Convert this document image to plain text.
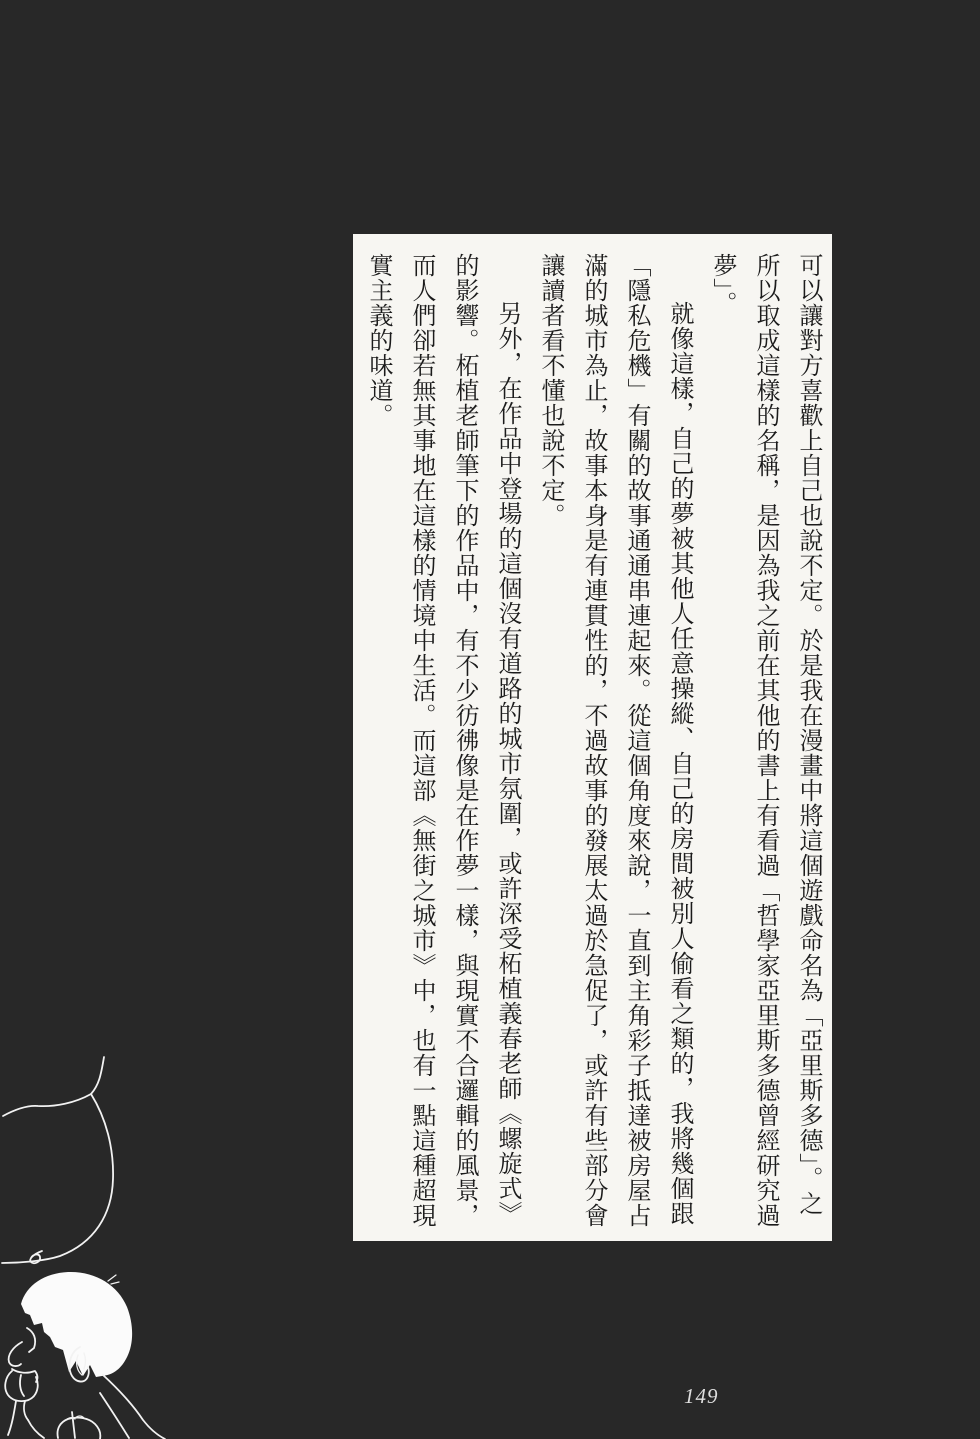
可以讓對方喜歡上自己也說不定。於是我在漫畫中將這個遊戲命名為「亞里斯多德」。之所以取成這樣的名稱，是因為我之前在其他的書上有看過「哲學家亞里斯多德曾經研究過夢」。

就像這樣，自己的夢被其他人任意操縱、自己的房間被別人偷看之類的，我將幾個跟「隱私危機」有關的故事通通串連起來。從這個角度來說，一直到主角彩子抵達被房屋占滿的城市為止，故事本身是有連貫性的，不過故事的發展太過於急促了，或許有些部分會讓讀者看不懂也說不定。

另外，在作品中登場的這個沒有道路的城市氛圍，或許深受柘植義春老師《螺旋式》的影響。柘植老師筆下的作品中，有不少彷彿像是在作夢一樣，與現實不合邏輯的風景，而人們卻若無其事地在這樣的情境中生活。而這部《無街之城市》中，也有一點這種超現實主義的味道。

149
